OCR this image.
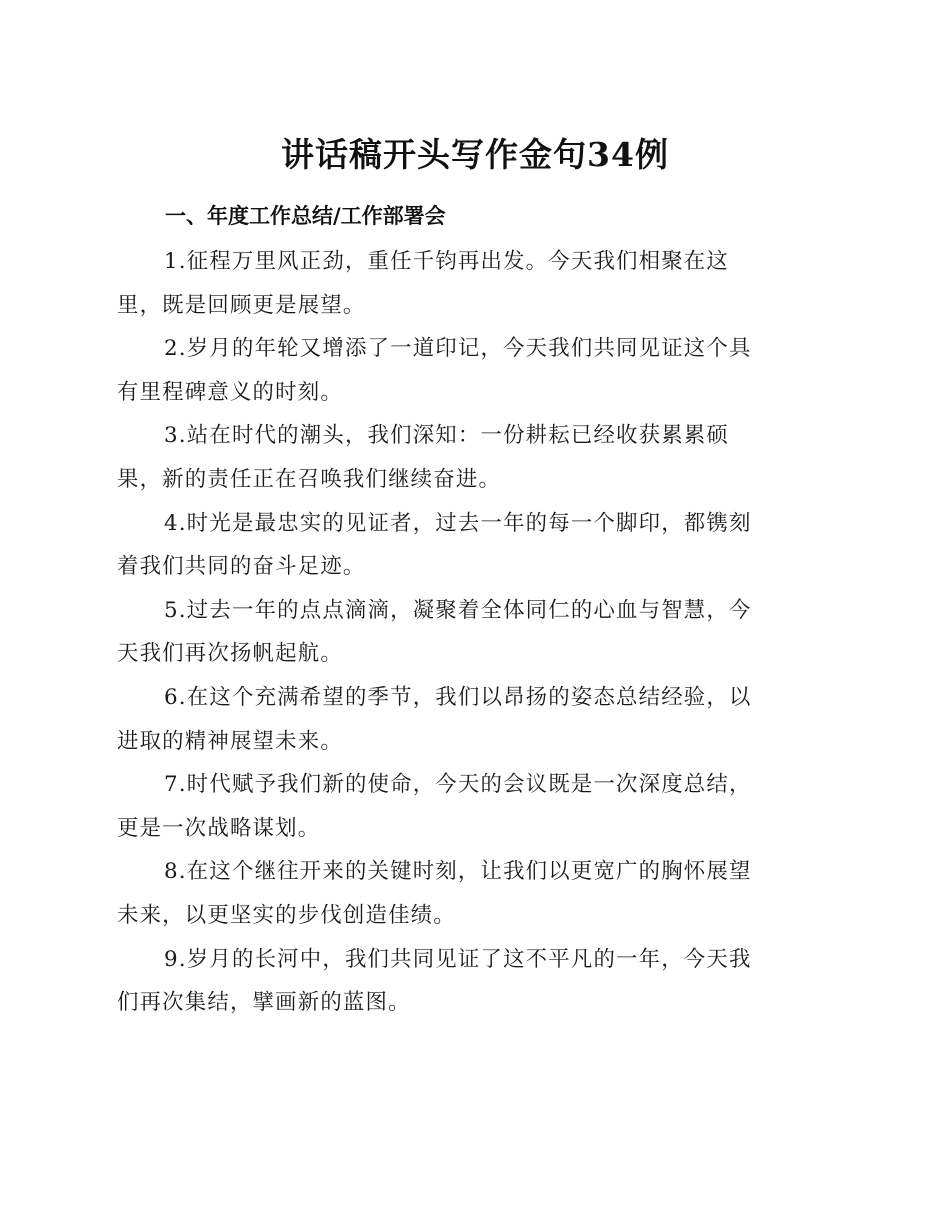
讲话稿开头写作金句34例
一、年度工作总结/工作部署会
1.征程万里风正劲，重任千钧再出发。今天我们相聚在这
里，既是回顾更是展望。
2.岁月的年轮又增添了一道印记，今天我们共同见证这个具
有里程碑意义的时刻。
3.站在时代的潮头，我们深知：一份耕耘已经收获累累硕
果，新的责任正在召唤我们继续奋进。
4.时光是最忠实的见证者，过去一年的每一个脚印，都镌刻
着我们共同的奋斗足迹。
5.过去一年的点点滴滴，凝聚着全体同仁的心血与智慧，今
天我们再次扬帆起航。
6.在这个充满希望的季节，我们以昂扬的姿态总结经验，以
进取的精神展望未来。
7.时代赋予我们新的使命，今天的会议既是一次深度总结，
更是一次战略谋划。
8.在这个继往开来的关键时刻，让我们以更宽广的胸怀展望
未来，以更坚实的步伐创造佳绩。
9.岁月的长河中，我们共同见证了这不平凡的一年，今天我
们再次集结，擘画新的蓝图。
